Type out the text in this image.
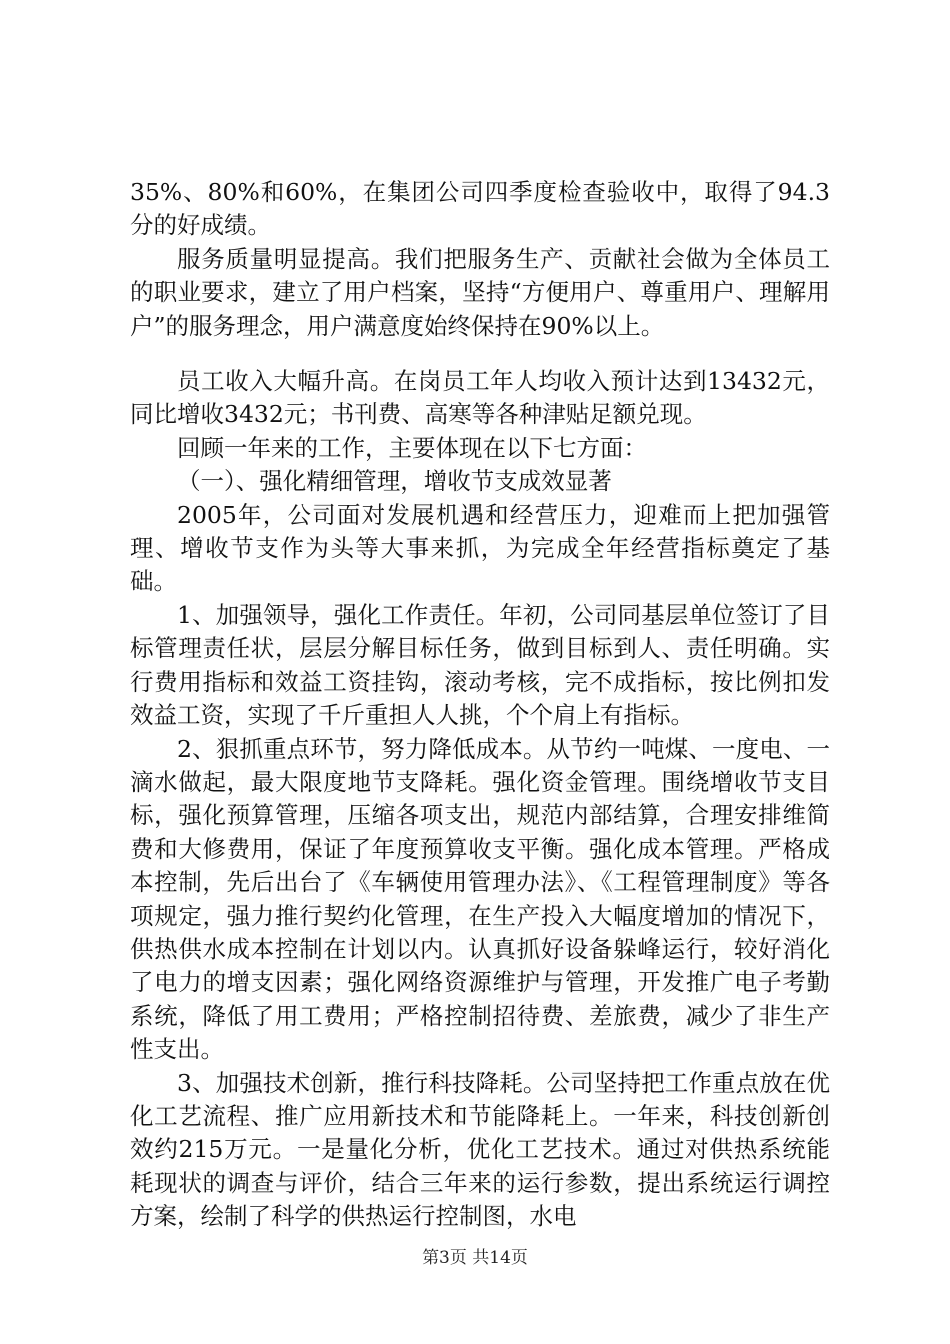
35%、80%和60%，在集团公司四季度检查验收中，取得了94.3分的好成绩。

服务质量明显提高。我们把服务生产、贡献社会做为全体员工的职业要求，建立了用户档案，坚持“方便用户、尊重用户、理解用户”的服务理念，用户满意度始终保持在90%以上。

员工收入大幅升高。在岗员工年人均收入预计达到13432元，同比增收3432元；书刊费、高寒等各种津贴足额兑现。

回顾一年来的工作，主要体现在以下七方面：

（一）、强化精细管理，增收节支成效显著

2005年，公司面对发展机遇和经营压力，迎难而上把加强管理、增收节支作为头等大事来抓，为完成全年经营指标奠定了基础。

1、加强领导，强化工作责任。年初，公司同基层单位签订了目标管理责任状，层层分解目标任务，做到目标到人、责任明确。实行费用指标和效益工资挂钩，滚动考核，完不成指标，按比例扣发效益工资，实现了千斤重担人人挑，个个肩上有指标。

2、狠抓重点环节，努力降低成本。从节约一吨煤、一度电、一滴水做起，最大限度地节支降耗。强化资金管理。围绕增收节支目标，强化预算管理，压缩各项支出，规范内部结算，合理安排维简费和大修费用，保证了年度预算收支平衡。强化成本管理。严格成本控制，先后出台了《车辆使用管理办法》、《工程管理制度》等各项规定，强力推行契约化管理，在生产投入大幅度增加的情况下，供热供水成本控制在计划以内。认真抓好设备躲峰运行，较好消化了电力的增支因素；强化网络资源维护与管理，开发推广电子考勤系统，降低了用工费用；严格控制招待费、差旅费，减少了非生产性支出。

3、加强技术创新，推行科技降耗。公司坚持把工作重点放在优化工艺流程、推广应用新技术和节能降耗上。一年来，科技创新创效约215万元。一是量化分析，优化工艺技术。通过对供热系统能耗现状的调查与评价，结合三年来的运行参数，提出系统运行调控方案，绘制了科学的供热运行控制图，水电

第3页 共14页
